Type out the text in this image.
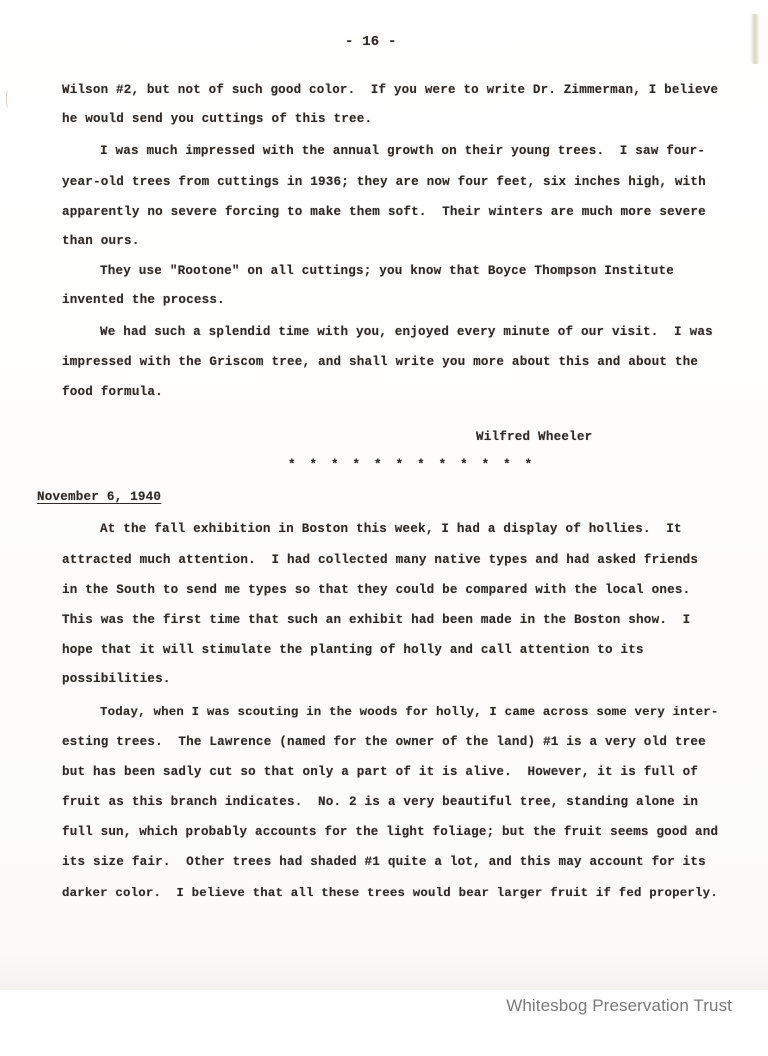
- 16 -
Wilson #2, but not of such good color.  If you were to write Dr. Zimmerman, I believe
he would send you cuttings of this tree.
I was much impressed with the annual growth on their young trees.  I saw four-
year-old trees from cuttings in 1936; they are now four feet, six inches high, with
apparently no severe forcing to make them soft.  Their winters are much more severe
than ours.
They use "Rootone" on all cuttings; you know that Boyce Thompson Institute
invented the process.
We had such a splendid time with you, enjoyed every minute of our visit.  I was
impressed with the Griscom tree, and shall write you more about this and about the
food formula.
Wilfred Wheeler
* * * * * * * * * * * *
November 6, 1940
At the fall exhibition in Boston this week, I had a display of hollies.  It
attracted much attention.  I had collected many native types and had asked friends
in the South to send me types so that they could be compared with the local ones.
This was the first time that such an exhibit had been made in the Boston show.  I
hope that it will stimulate the planting of holly and call attention to its
possibilities.
Today, when I was scouting in the woods for holly, I came across some very inter-
esting trees.  The Lawrence (named for the owner of the land) #1 is a very old tree
but has been sadly cut so that only a part of it is alive.  However, it is full of
fruit as this branch indicates.  No. 2 is a very beautiful tree, standing alone in
full sun, which probably accounts for the light foliage; but the fruit seems good and
its size fair.  Other trees had shaded #1 quite a lot, and this may account for its
darker color.  I believe that all these trees would bear larger fruit if fed properly.
Whitesbog Preservation Trust
